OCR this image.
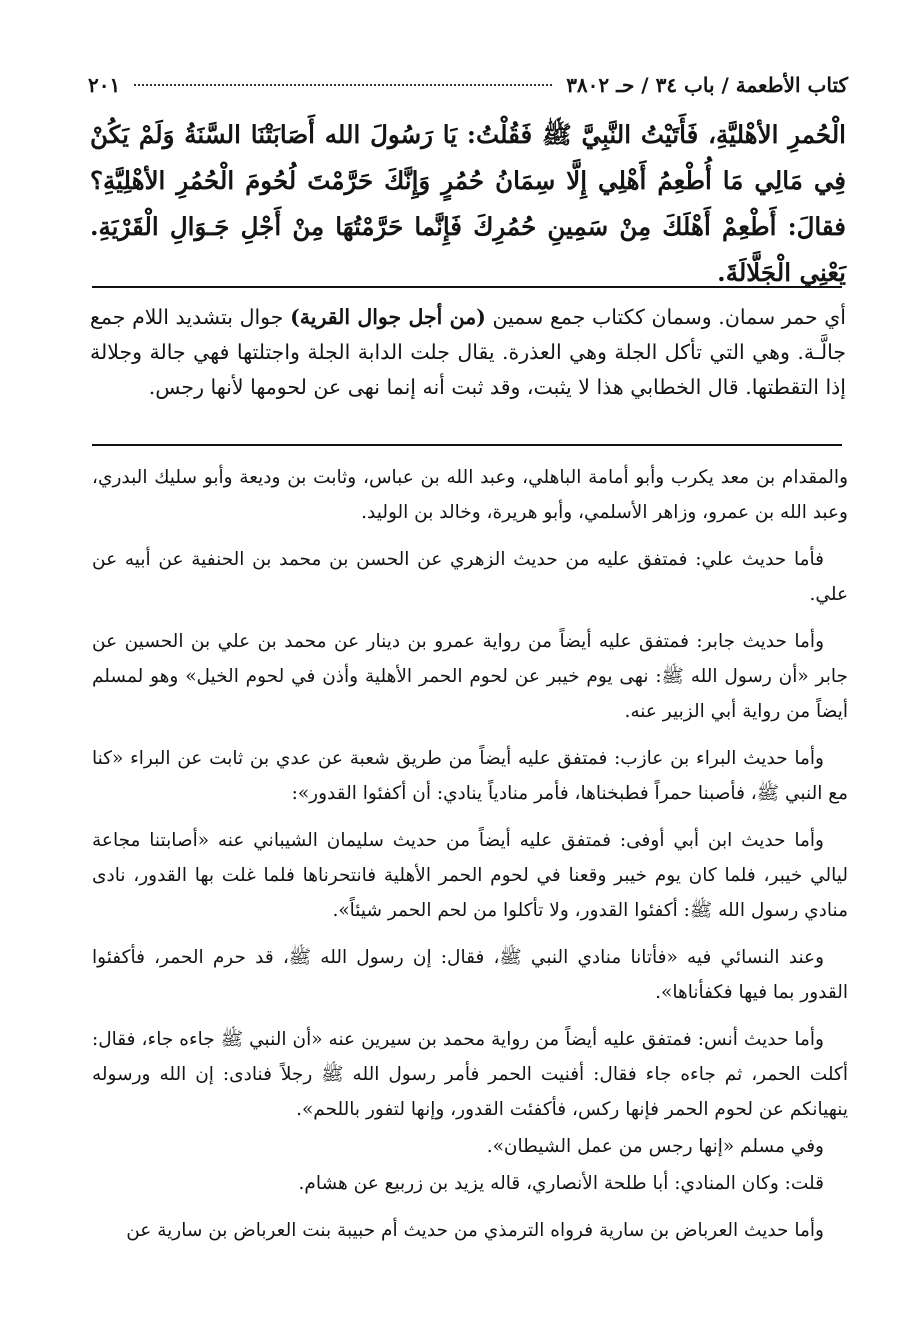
كتاب الأطعمة / باب ٣٤ / حـ ٣٨٠٢
٢٠١
الْحُمرِ الأهْليَّةِ، فَأَتَيْتُ النَّبِيَّ ﷺ فَقُلْتُ: يَا رَسُولَ الله أَصَابَتْنَا السَّنَةُ وَلَمْ يَكُنْ فِي مَالِي مَا أُطْعِمُ أَهْلِي إِلَّا سِمَانُ حُمُرٍ وَإِنَّكَ حَرَّمْتَ لُحُومَ الْحُمُرِ الأهْلِيَّةِ؟ فقالَ: أَطْعِمْ أَهْلَكَ مِنْ سَمِينِ حُمُرِكَ فَإِنَّما حَرَّمْتُهَا مِنْ أَجْلِ جَـوَالِ الْقَرْيَةِ. يَعْنِي الْجَلَّالَةَ.
أي حمر سمان. وسمان ككتاب جمع سمين (من أجل جوال القرية) جوال بتشديد اللام جمع جالَّـة. وهي التي تأكل الجلة وهي العذرة. يقال جلت الدابة الجلة واجتلتها فهي جالة وجلالة إذا التقطتها. قال الخطابي هذا لا يثبت، وقد ثبت أنه إنما نهى عن لحومها لأنها رجس.

والمقدام بن معد يكرب وأبو أمامة الباهلي، وعبد الله بن عباس، وثابت بن وديعة وأبو سليك البدري، وعبد الله بن عمرو، وزاهر الأسلمي، وأبو هريرة، وخالد بن الوليد.

فأما حديث علي: فمتفق عليه من حديث الزهري عن الحسن بن محمد بن الحنفية عن أبيه عن علي.

وأما حديث جابر: فمتفق عليه أيضاً من رواية عمرو بن دينار عن محمد بن علي بن الحسين عن جابر «أن رسول الله ﷺ: نهى يوم خيبر عن لحوم الحمر الأهلية وأذن في لحوم الخيل» وهو لمسلم أيضاً من رواية أبي الزبير عنه.

وأما حديث البراء بن عازب: فمتفق عليه أيضاً من طريق شعبة عن عدي بن ثابت عن البراء «كنا مع النبي ﷺ، فأصبنا حمراً فطبخناها، فأمر منادياً ينادي: أن أكفئوا القدور»:

وأما حديث ابن أبي أوفى: فمتفق عليه أيضاً من حديث سليمان الشيباني عنه «أصابتنا مجاعة ليالي خيبر، فلما كان يوم خيبر وقعنا في لحوم الحمر الأهلية فانتحرناها فلما غلت بها القدور، نادى منادي رسول الله ﷺ: أكفئوا القدور، ولا تأكلوا من لحم الحمر شيئاً».

وعند النسائي فيه «فأتانا منادي النبي ﷺ، فقال: إن رسول الله ﷺ، قد حرم الحمر، فأكفئوا القدور بما فيها فكفأناها».

وأما حديث أنس: فمتفق عليه أيضاً من رواية محمد بن سيرين عنه «أن النبي ﷺ جاءه جاء، فقال: أكلت الحمر، ثم جاءه جاء فقال: أفنيت الحمر فأمر رسول الله ﷺ رجلاً فنادى: إن الله ورسوله ينهيانكم عن لحوم الحمر فإنها ركس، فأكفئت القدور، وإنها لتفور باللحم».

وفي مسلم «إنها رجس من عمل الشيطان».

قلت: وكان المنادي: أبا طلحة الأنصاري، قاله يزيد بن زربيع عن هشام.

وأما حديث العرباض بن سارية فرواه الترمذي من حديث أم حبيبة بنت العرباض بن سارية عن
